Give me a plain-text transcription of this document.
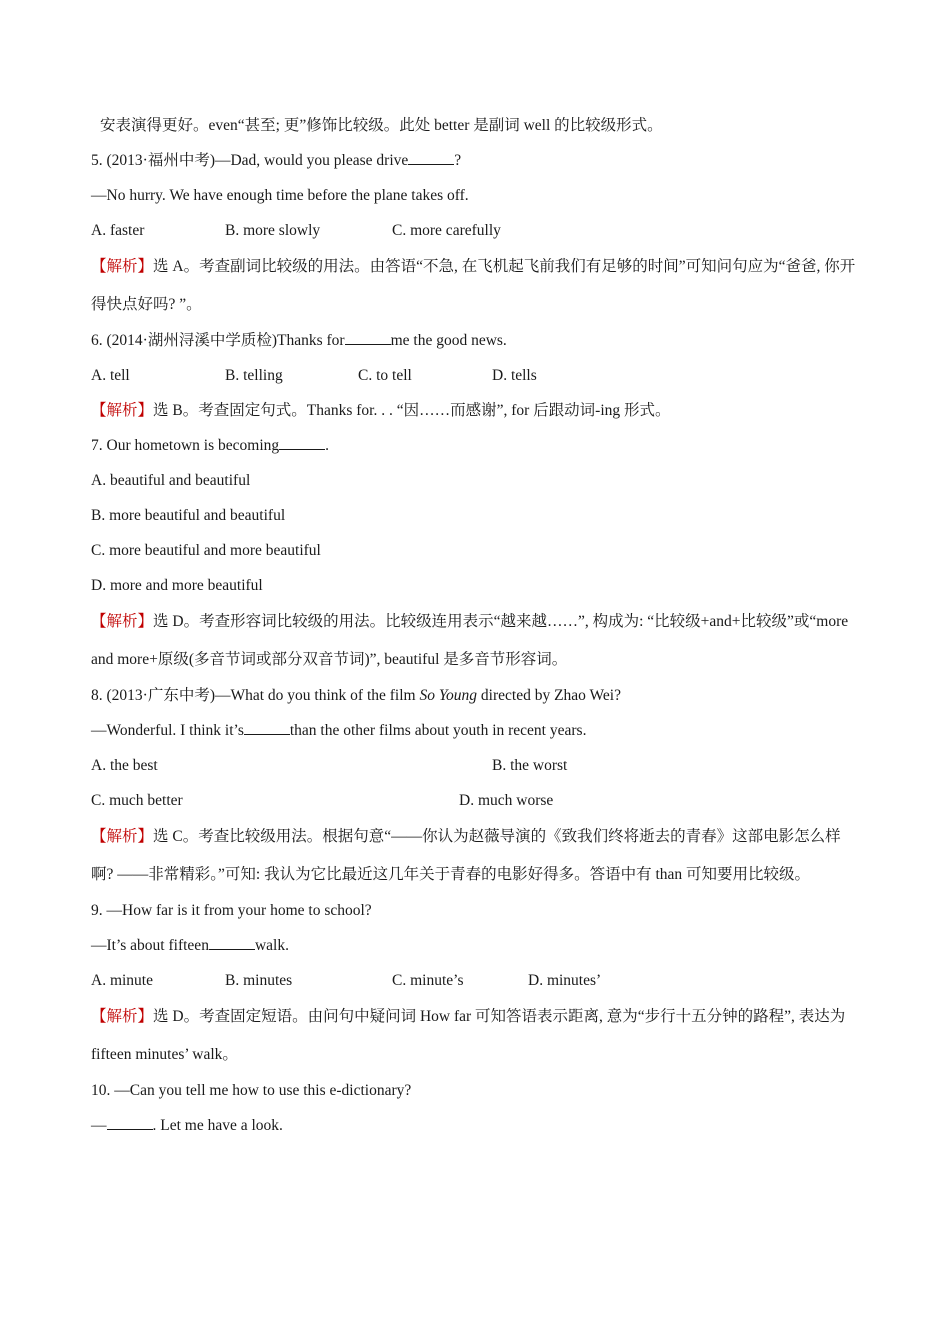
安表演得更好。even“甚至; 更”修饰比较级。此处 better 是副词 well 的比较级形式。
5. (2013·福州中考)—Dad, would you please drive	?
—No hurry. We have enough time before the plane takes off.
A. faster	B. more slowly	C. more carefully
【解析】选 A。考查副词比较级的用法。由答语“不急, 在飞机起飞前我们有足够的时间”可知问句应为“爸爸, 你开得快点好吗? ”。
6. (2014·湖州浔溪中学质检)Thanks for	me the good news.
A. tell	B. telling	C. to tell	D. tells
【解析】选 B。考查固定句式。Thanks for. . . “因……而感谢”, for 后跟动词-ing 形式。
7. Our hometown is becoming	.
A. beautiful and beautiful
B. more beautiful and beautiful
C. more beautiful and more beautiful
D. more and more beautiful
【解析】选 D。考查形容词比较级的用法。比较级连用表示“越来越……”, 构成为: “比较级+and+比较级”或“more and more+原级(多音节词或部分双音节词)”, beautiful 是多音节形容词。
8. (2013·广东中考)—What do you think of the film So Young directed by Zhao Wei?
—Wonderful. I think it’s	than the other films about youth in recent years.
A. the best	B. the worst
C. much better	D. much worse
【解析】选 C。考查比较级用法。根据句意“——你认为赵薇导演的《致我们终将逝去的青春》这部电影怎么样啊? ——非常精彩。”可知: 我认为它比最近这几年关于青春的电影好得多。答语中有 than 可知要用比较级。
9. —How far is it from your home to school?
—It’s about fifteen	walk.
A. minute	B. minutes	C. minute’s	D. minutes’
【解析】选 D。考查固定短语。由问句中疑问词 How far 可知答语表示距离, 意为“步行十五分钟的路程”, 表达为 fifteen minutes’ walk。
10. —Can you tell me how to use this e-dictionary?
—	. Let me have a look.
